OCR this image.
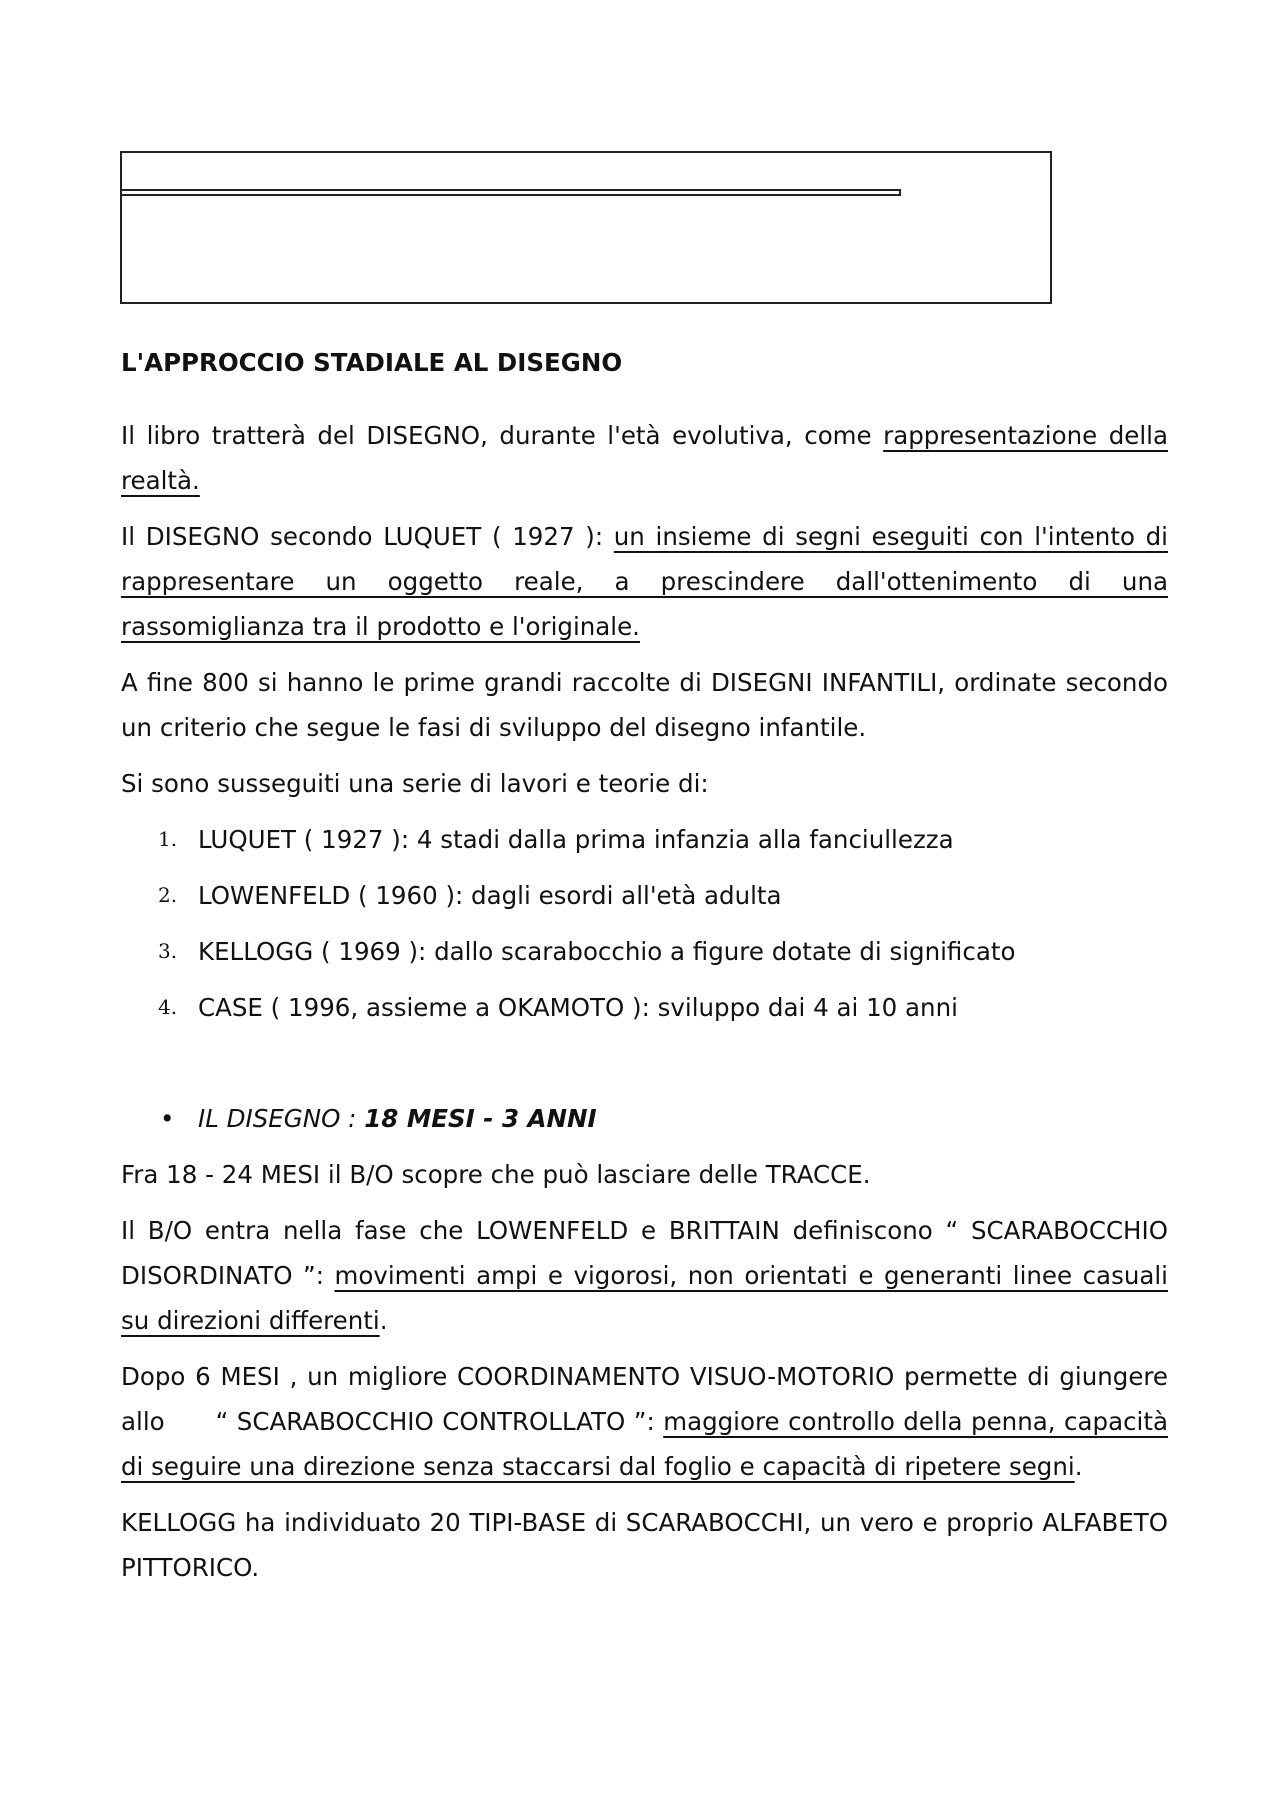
L'APPROCCIO STADIALE AL DISEGNO

Il libro tratterà del DISEGNO, durante l'età evolutiva, come rappresentazione della realtà.

Il DISEGNO secondo LUQUET ( 1927 ): un insieme di segni eseguiti con l'intento di rappresentare un oggetto reale, a prescindere dall'ottenimento di una rassomiglianza tra il prodotto e l'originale.

A fine 800 si hanno le prime grandi raccolte di DISEGNI INFANTILI, ordinate secondo un criterio che segue le fasi di sviluppo del disegno infantile.

Si sono susseguiti una serie di lavori e teorie di:

1. LUQUET ( 1927 ): 4 stadi dalla prima infanzia alla fanciullezza
2. LOWENFELD ( 1960 ): dagli esordi all'età adulta
3. KELLOGG ( 1969 ): dallo scarabocchio a figure dotate di significato
4. CASE ( 1996, assieme a OKAMOTO ): sviluppo dai 4 ai 10 anni
• IL DISEGNO : 18 MESI - 3 ANNI

Fra 18 - 24 MESI il B/O scopre che può lasciare delle TRACCE.

Il B/O entra nella fase che LOWENFELD e BRITTAIN definiscono “ SCARABOCCHIO DISORDINATO ”: movimenti ampi e vigorosi, non orientati e generanti linee casuali su direzioni differenti.

Dopo 6 MESI , un migliore COORDINAMENTO VISUO-MOTORIO permette di giungere allo      “ SCARABOCCHIO CONTROLLATO ”: maggiore controllo della penna, capacità di seguire una direzione senza staccarsi dal foglio e capacità di ripetere segni.

KELLOGG ha individuato 20 TIPI-BASE di SCARABOCCHI, un vero e proprio ALFABETO PITTORICO.
